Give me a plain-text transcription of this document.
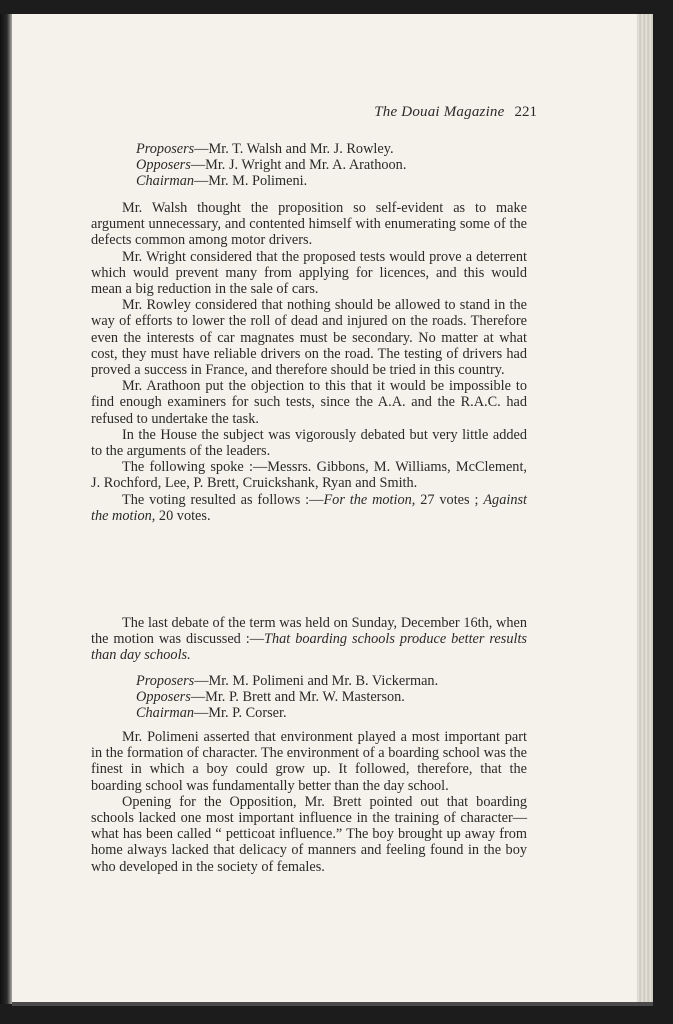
The Douai Magazine 221

Proposers—Mr. T. Walsh and Mr. J. Rowley.

Opposers—Mr. J. Wright and Mr. A. Arathoon.

Chairman—Mr. M. Polimeni.

Mr. Walsh thought the proposition so self-evident as to make argument unnecessary, and contented himself with enumerating some of the defects common among motor drivers.

Mr. Wright considered that the proposed tests would prove a deterrent which would prevent many from applying for licences, and this would mean a big reduction in the sale of cars.

Mr. Rowley considered that nothing should be allowed to stand in the way of efforts to lower the roll of dead and injured on the roads. Therefore even the interests of car magnates must be secondary. No matter at what cost, they must have reliable drivers on the road. The testing of drivers had proved a success in France, and therefore should be tried in this country.

Mr. Arathoon put the objection to this that it would be impossible to find enough examiners for such tests, since the A.A. and the R.A.C. had refused to undertake the task.

In the House the subject was vigorously debated but very little added to the arguments of the leaders.

The following spoke :—Messrs. Gibbons, M. Williams, McClement, J. Rochford, Lee, P. Brett, Cruickshank, Ryan and Smith.

The voting resulted as follows :—For the motion, 27 votes ; Against the motion, 20 votes.

The last debate of the term was held on Sunday, December 16th, when the motion was discussed :—That boarding schools produce better results than day schools.

Proposers—Mr. M. Polimeni and Mr. B. Vickerman.

Opposers—Mr. P. Brett and Mr. W. Masterson.

Chairman—Mr. P. Corser.

Mr. Polimeni asserted that environment played a most important part in the formation of character. The environment of a boarding school was the finest in which a boy could grow up. It followed, therefore, that the boarding school was fundamentally better than the day school.

Opening for the Opposition, Mr. Brett pointed out that boarding schools lacked one most important influence in the training of character—what has been called “ petticoat influence.” The boy brought up away from home always lacked that delicacy of manners and feeling found in the boy who developed in the society of females.
